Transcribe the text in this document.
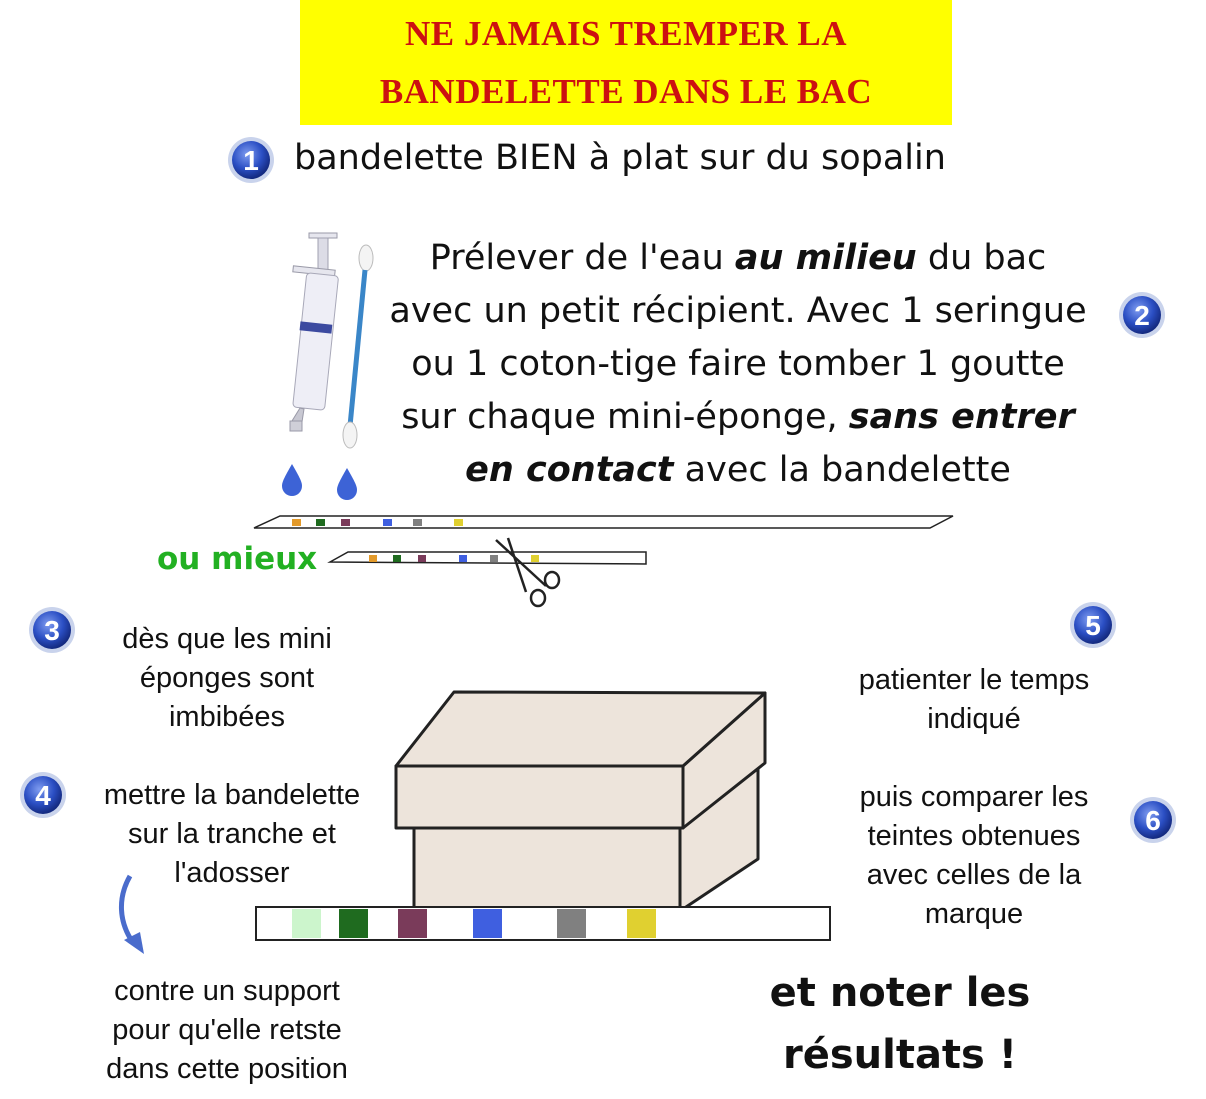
NE JAMAIS TREMPER LA
BANDELETTE DANS LE BAC
1
2
3
4
5
6
bandelette BIEN à plat sur du sopalin
Prélever de l'eau au milieu du bac avec un petit récipient. Avec 1 seringue ou 1 coton-tige faire tomber 1 goutte sur chaque mini-éponge, sans entrer en contact avec la bandelette
ou mieux
dès que les mini
éponges sont
imbibées
mettre la bandelette
sur la tranche et
l'adosser
contre un support
pour qu'elle retste
dans cette position
patienter le temps
indiqué
puis comparer les
teintes obtenues
avec celles de la
marque
et noter les
résultats !
